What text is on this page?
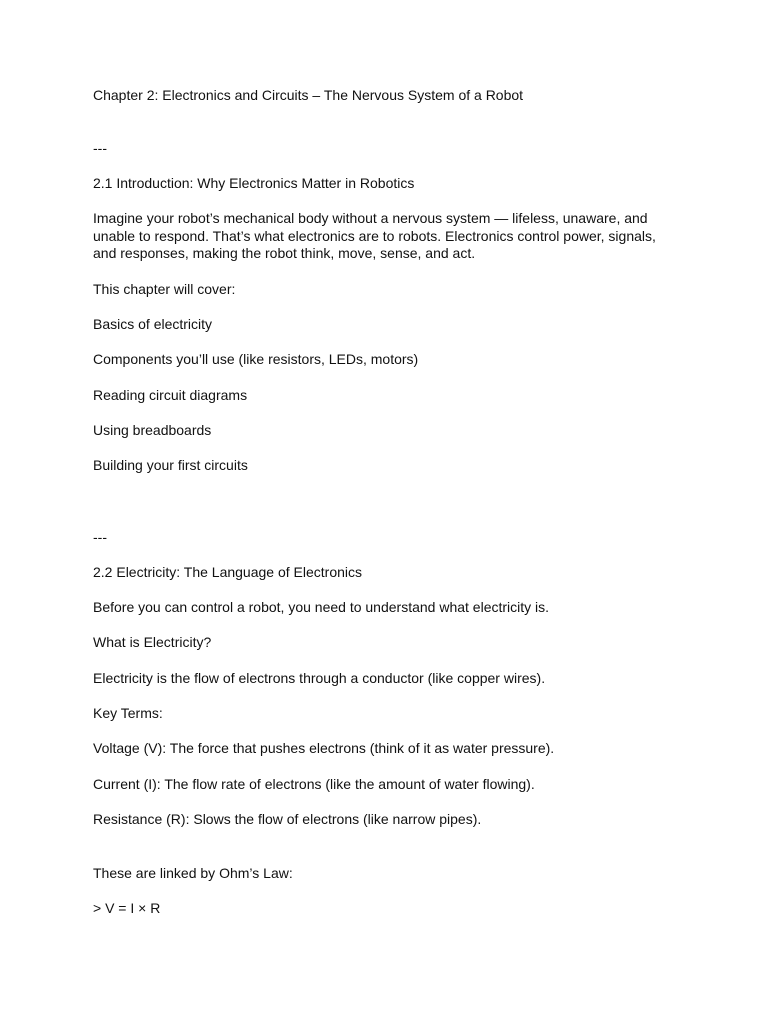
Chapter 2: Electronics and Circuits – The Nervous System of a Robot

---

2.1 Introduction: Why Electronics Matter in Robotics

Imagine your robot’s mechanical body without a nervous system — lifeless, unaware, and
unable to respond. That’s what electronics are to robots. Electronics control power, signals,
and responses, making the robot think, move, sense, and act.

This chapter will cover:

Basics of electricity

Components you’ll use (like resistors, LEDs, motors)

Reading circuit diagrams

Using breadboards

Building your first circuits

---

2.2 Electricity: The Language of Electronics

Before you can control a robot, you need to understand what electricity is.

What is Electricity?

Electricity is the flow of electrons through a conductor (like copper wires).

Key Terms:

Voltage (V): The force that pushes electrons (think of it as water pressure).

Current (I): The flow rate of electrons (like the amount of water flowing).

Resistance (R): Slows the flow of electrons (like narrow pipes).

These are linked by Ohm’s Law:

> V = I × R
